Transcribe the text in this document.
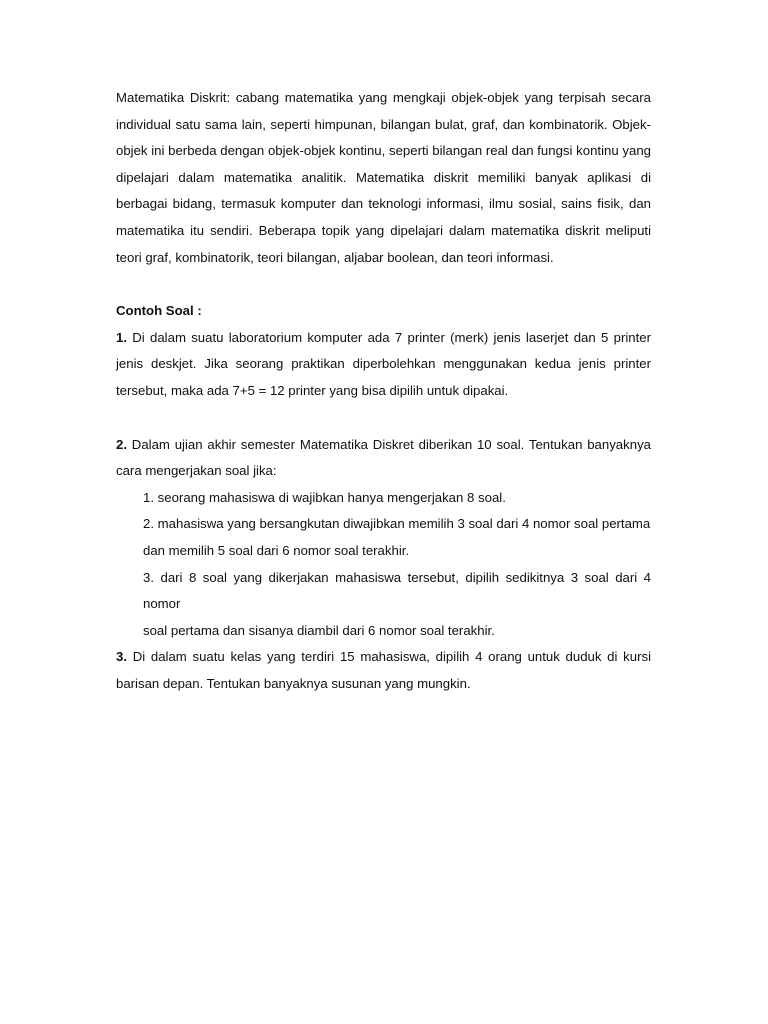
Matematika Diskrit: cabang matematika yang mengkaji objek-objek yang terpisah secara individual satu sama lain, seperti himpunan, bilangan bulat, graf, dan kombinatorik. Objek-objek ini berbeda dengan objek-objek kontinu, seperti bilangan real dan fungsi kontinu yang dipelajari dalam matematika analitik. Matematika diskrit memiliki banyak aplikasi di berbagai bidang, termasuk komputer dan teknologi informasi, ilmu sosial, sains fisik, dan matematika itu sendiri. Beberapa topik yang dipelajari dalam matematika diskrit meliputi teori graf, kombinatorik, teori bilangan, aljabar boolean, dan teori informasi.

Contoh Soal :

1. Di dalam suatu laboratorium komputer ada 7 printer (merk) jenis laserjet dan 5 printer jenis deskjet. Jika seorang praktikan diperbolehkan menggunakan kedua jenis printer tersebut, maka ada 7+5 = 12 printer yang bisa dipilih untuk dipakai.

2. Dalam ujian akhir semester Matematika Diskret diberikan 10 soal. Tentukan banyaknya cara mengerjakan soal jika:

1. seorang mahasiswa di wajibkan hanya mengerjakan 8 soal.

2. mahasiswa yang bersangkutan diwajibkan memilih 3 soal dari 4 nomor soal pertama

dan memilih 5 soal dari 6 nomor soal terakhir.

3. dari 8 soal yang dikerjakan mahasiswa tersebut, dipilih sedikitnya 3 soal dari 4 nomor

soal pertama dan sisanya diambil dari 6 nomor soal terakhir.

3. Di dalam suatu kelas yang terdiri 15 mahasiswa, dipilih 4 orang untuk duduk di kursi barisan depan. Tentukan banyaknya susunan yang mungkin.
